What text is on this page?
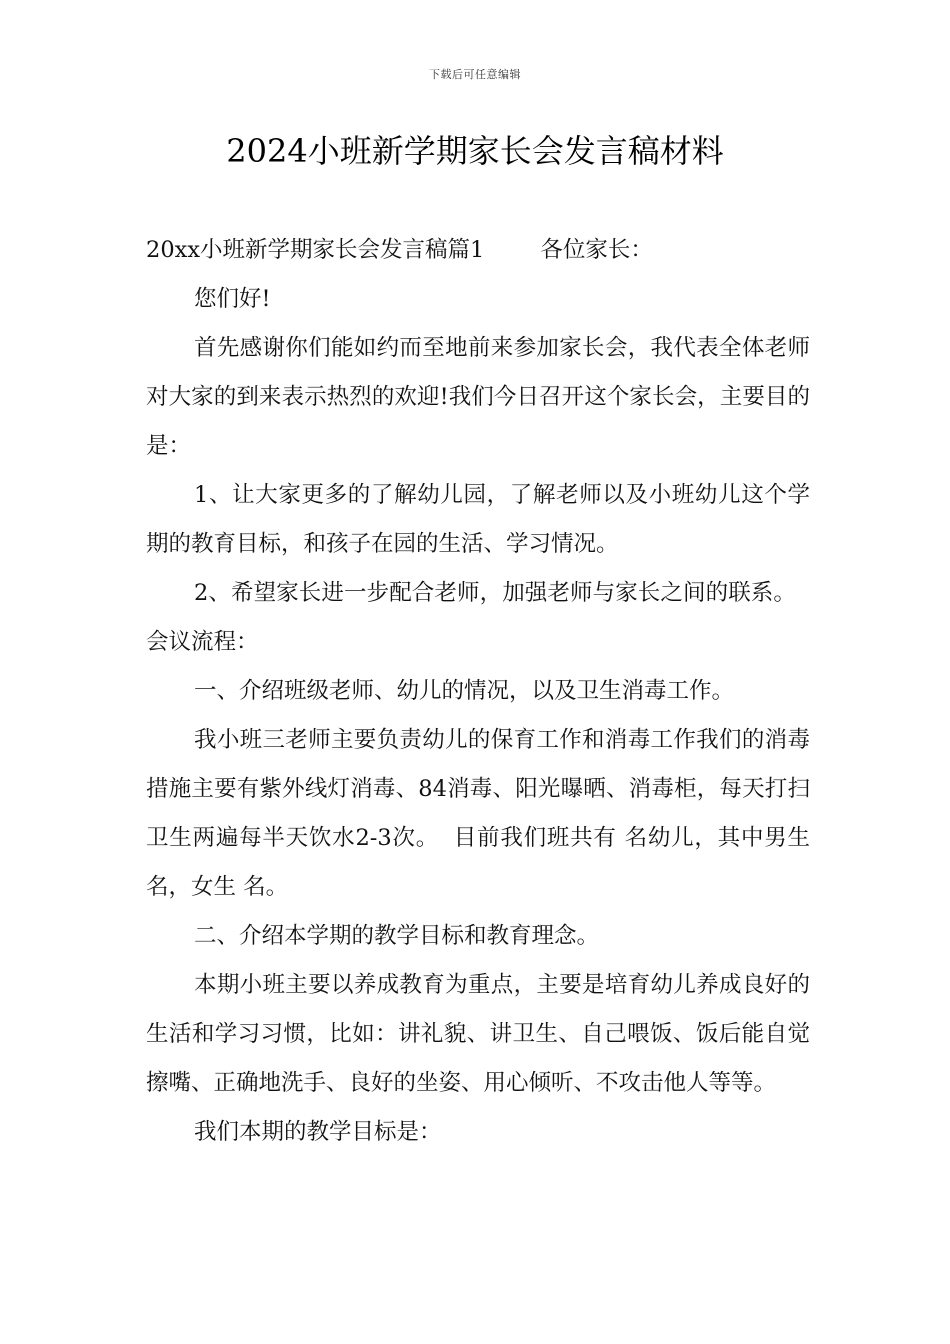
下载后可任意编辑
2024小班新学期家长会发言稿材料

20xx小班新学期家长会发言稿篇1 各位家长：

您们好!

首先感谢你们能如约而至地前来参加家长会，我代表全体老师对大家的到来表示热烈的欢迎!我们今日召开这个家长会，主要目的是：

1、让大家更多的了解幼儿园，了解老师以及小班幼儿这个学期的教育目标，和孩子在园的生活、学习情况。

2、希望家长进一步配合老师，加强老师与家长之间的联系。会议流程：

一、介绍班级老师、幼儿的情况，以及卫生消毒工作。

我小班三老师主要负责幼儿的保育工作和消毒工作我们的消毒措施主要有紫外线灯消毒、84消毒、阳光曝晒、消毒柜，每天打扫卫生两遍每半天饮水2-3次。 目前我们班共有 名幼儿，其中男生 名，女生 名。

二、介绍本学期的教学目标和教育理念。

本期小班主要以养成教育为重点，主要是培育幼儿养成良好的生活和学习习惯，比如：讲礼貌、讲卫生、自己喂饭、饭后能自觉擦嘴、正确地洗手、良好的坐姿、用心倾听、不攻击他人等等。

我们本期的教学目标是：
